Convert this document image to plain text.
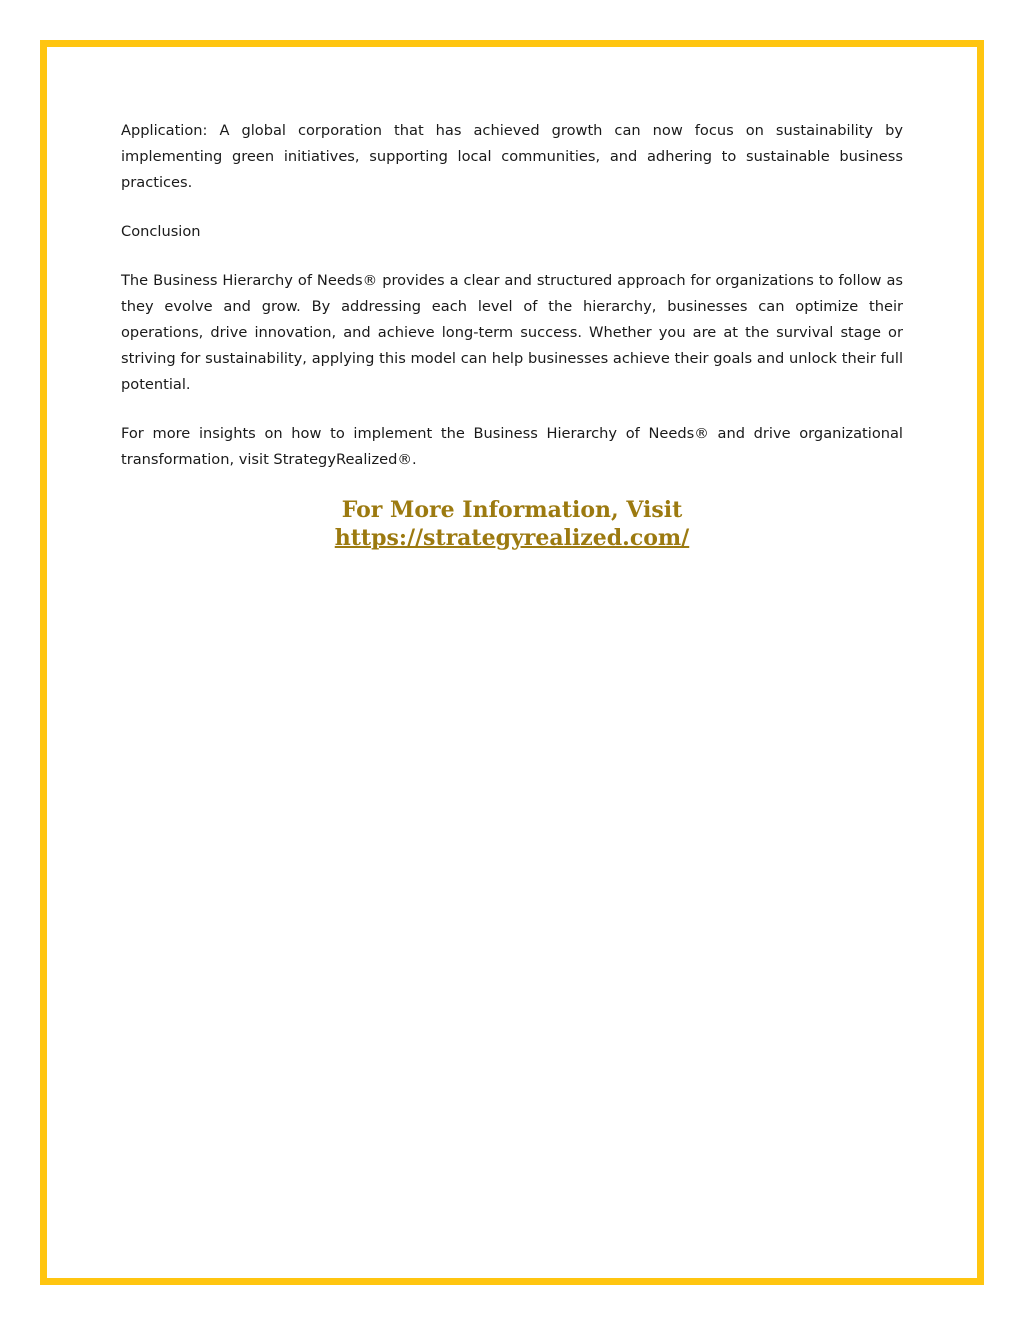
Application: A global corporation that has achieved growth can now focus on sustainability by implementing green initiatives, supporting local communities, and adhering to sustainable business practices.

Conclusion

The Business Hierarchy of Needs® provides a clear and structured approach for organizations to follow as they evolve and grow. By addressing each level of the hierarchy, businesses can optimize their operations, drive innovation, and achieve long-term success. Whether you are at the survival stage or striving for sustainability, applying this model can help businesses achieve their goals and unlock their full potential.

For more insights on how to implement the Business Hierarchy of Needs® and drive organizational transformation, visit StrategyRealized®.

For More Information, Visit
https://strategyrealized.com/
